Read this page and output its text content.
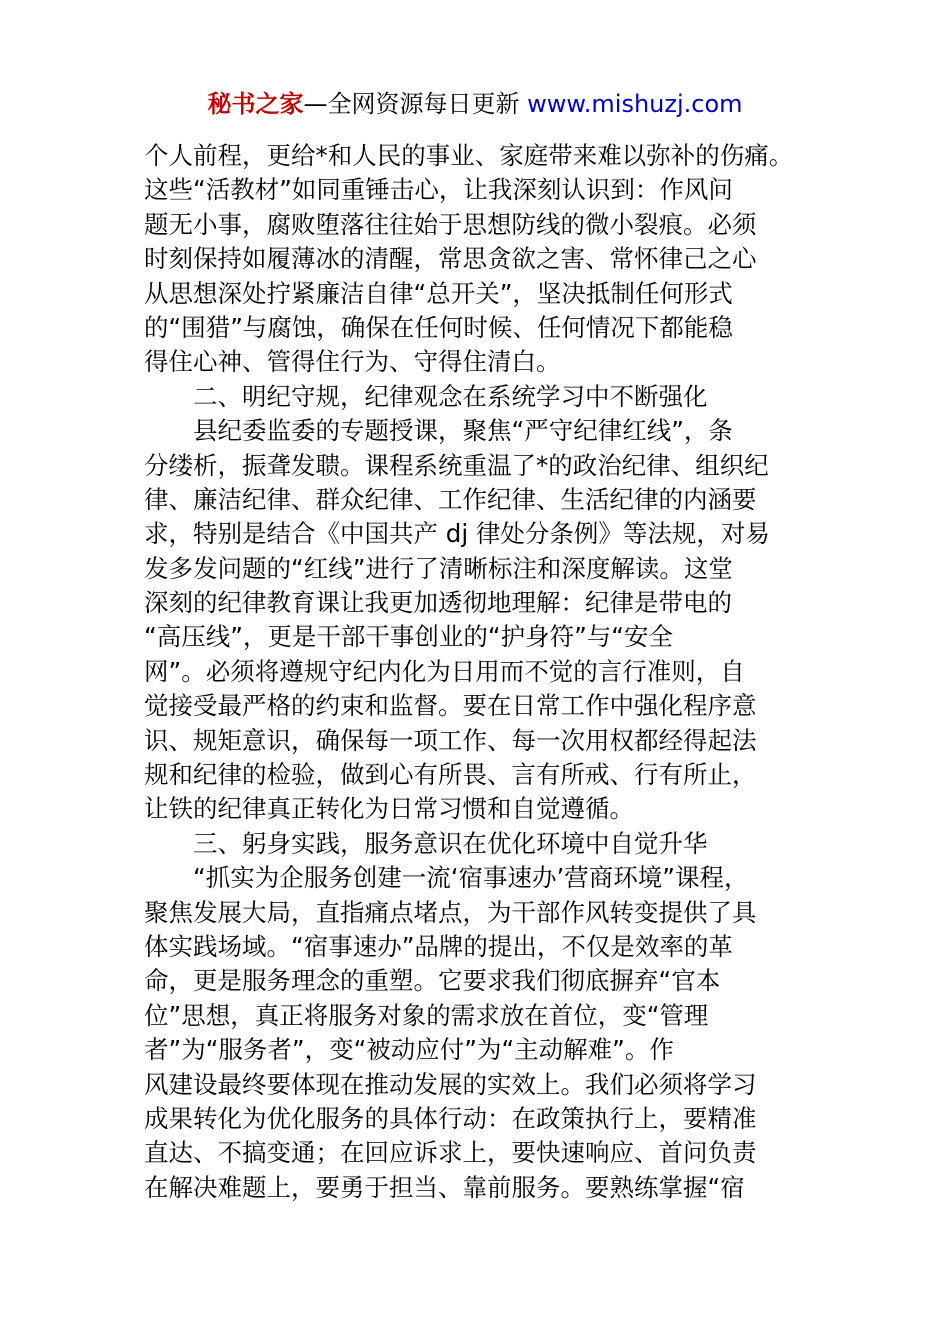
秘书之家—全网资源每日更新 www.mishuzj.com
个人前程，更给*和人民的事业、家庭带来难以弥补的伤痛。
这些“活教材”如同重锤击心，让我深刻认识到：作风问
题无小事，腐败堕落往往始于思想防线的微小裂痕。必须
时刻保持如履薄冰的清醒，常思贪欲之害、常怀律己之心
从思想深处拧紧廉洁自律“总开关”，坚决抵制任何形式
的“围猎”与腐蚀，确保在任何时候、任何情况下都能稳
得住心神、管得住行为、守得住清白。
二、明纪守规，纪律观念在系统学习中不断强化
县纪委监委的专题授课，聚焦“严守纪律红线”，条
分缕析，振聋发聩。课程系统重温了*的政治纪律、组织纪
律、廉洁纪律、群众纪律、工作纪律、生活纪律的内涵要
求，特别是结合《中国共产 dj 律处分条例》等法规，对易
发多发问题的“红线”进行了清晰标注和深度解读。这堂
深刻的纪律教育课让我更加透彻地理解：纪律是带电的
“高压线”，更是干部干事创业的“护身符”与“安全
网”。必须将遵规守纪内化为日用而不觉的言行准则，自
觉接受最严格的约束和监督。要在日常工作中强化程序意
识、规矩意识，确保每一项工作、每一次用权都经得起法
规和纪律的检验，做到心有所畏、言有所戒、行有所止，
让铁的纪律真正转化为日常习惯和自觉遵循。
三、躬身实践，服务意识在优化环境中自觉升华
“抓实为企服务创建一流‘宿事速办’营商环境”课程，
聚焦发展大局，直指痛点堵点，为干部作风转变提供了具
体实践场域。“宿事速办”品牌的提出，不仅是效率的革
命，更是服务理念的重塑。它要求我们彻底摒弃“官本
位”思想，真正将服务对象的需求放在首位，变“管理
者”为“服务者”，变“被动应付”为“主动解难”。作
风建设最终要体现在推动发展的实效上。我们必须将学习
成果转化为优化服务的具体行动：在政策执行上，要精准
直达、不搞变通；在回应诉求上，要快速响应、首问负责
在解决难题上，要勇于担当、靠前服务。要熟练掌握“宿
